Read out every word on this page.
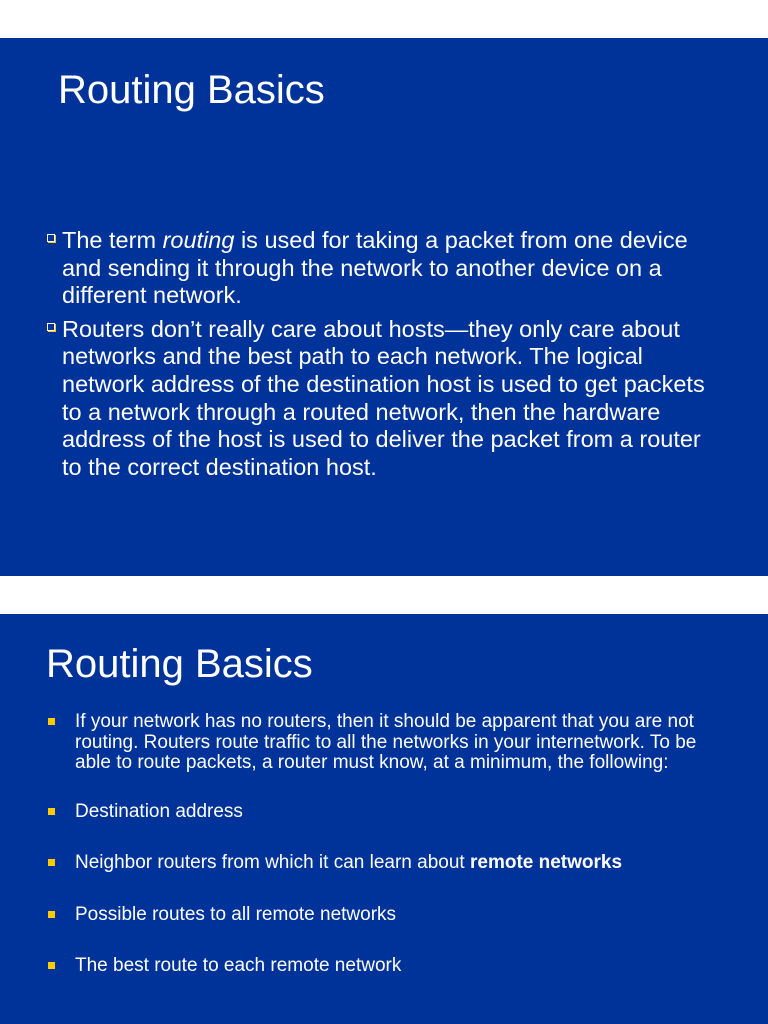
Routing Basics
The term routing is used for taking a packet from one device and sending it through the network to another device on a different network.
Routers don’t really care about hosts—they only care about networks and the best path to each network. The logical network address of the destination host is used to get packets to a network through a routed network, then the hardware address of the host is used to deliver the packet from a router to the correct destination host.
Routing Basics
If your network has no routers, then it should be apparent that you are not routing. Routers route traffic to all the networks in your internetwork. To be able to route packets, a router must know, at a minimum, the following:
Destination address
Neighbor routers from which it can learn about remote networks
Possible routes to all remote networks
The best route to each remote network
